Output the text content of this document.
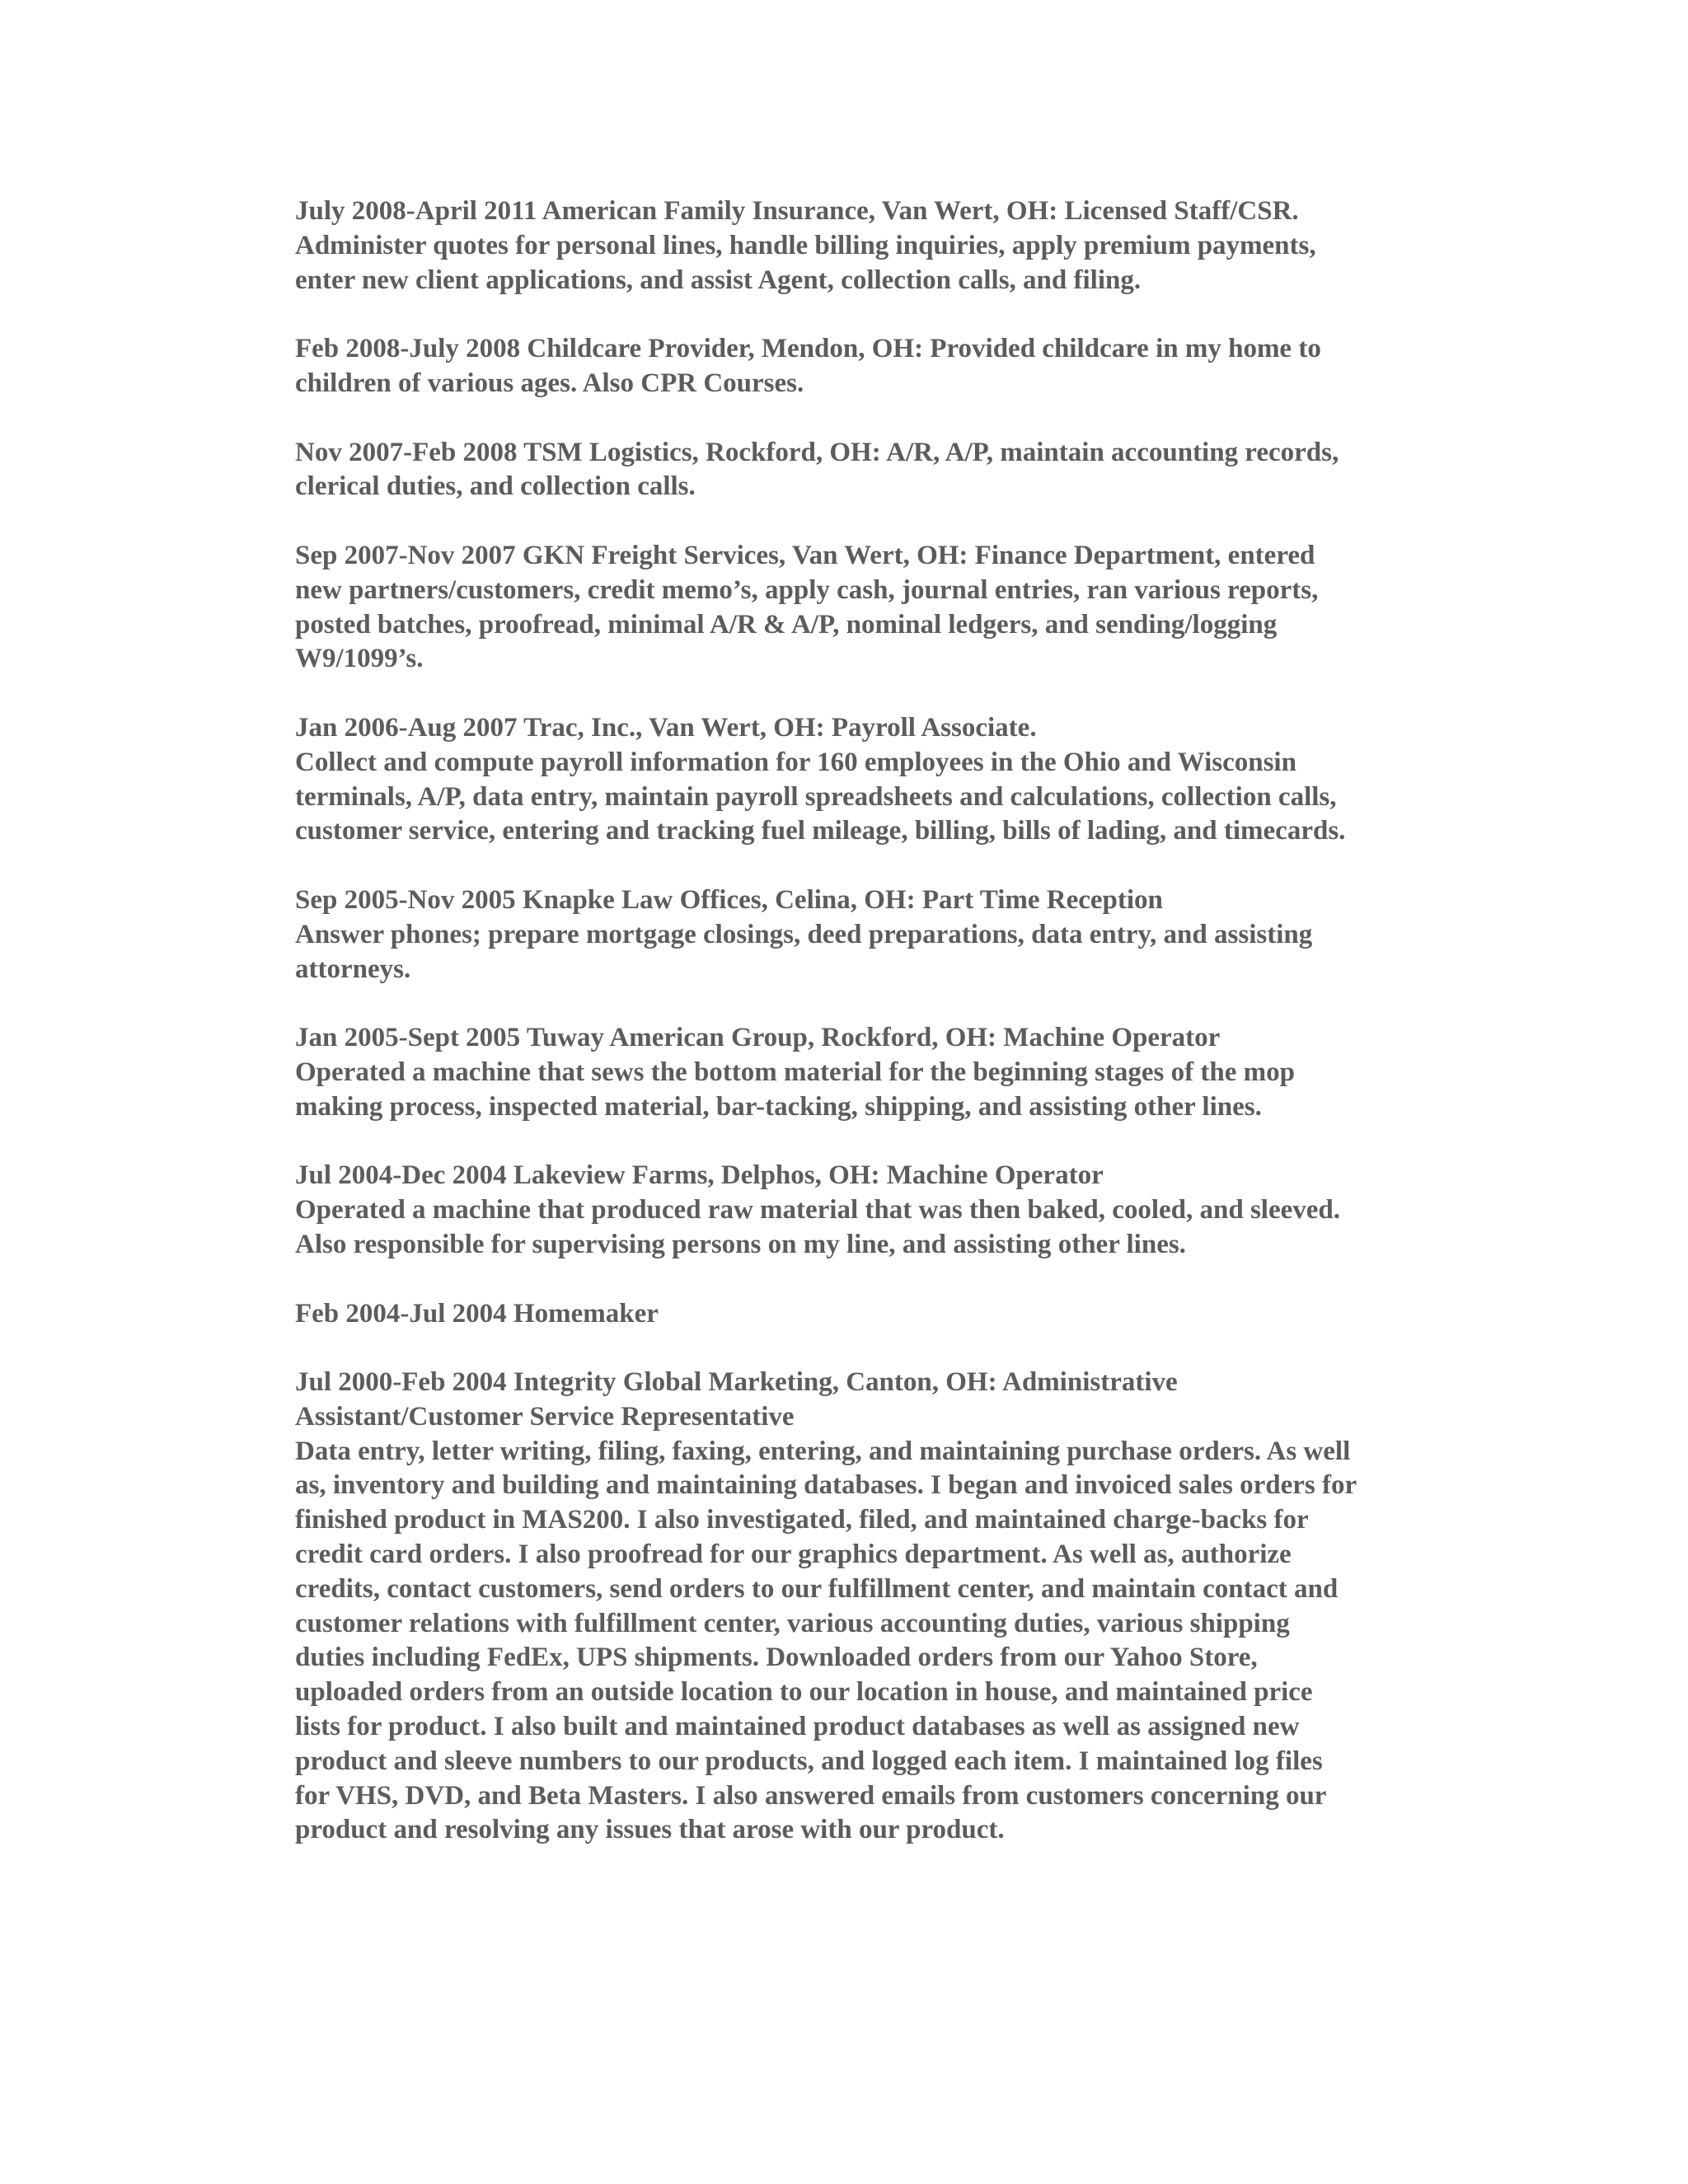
July 2008-April 2011 American Family Insurance, Van Wert, OH: Licensed Staff/CSR.
Administer quotes for personal lines, handle billing inquiries, apply premium payments,
enter new client applications, and assist Agent, collection calls, and filing.
Feb 2008-July 2008 Childcare Provider, Mendon, OH: Provided childcare in my home to
children of various ages. Also CPR Courses.
Nov 2007-Feb 2008 TSM Logistics, Rockford, OH: A/R, A/P, maintain accounting records,
clerical duties, and collection calls.
Sep 2007-Nov 2007 GKN Freight Services, Van Wert, OH: Finance Department, entered
new partners/customers, credit memo’s, apply cash, journal entries, ran various reports,
posted batches, proofread, minimal A/R & A/P, nominal ledgers, and sending/logging
W9/1099’s.
Jan 2006-Aug 2007 Trac, Inc., Van Wert, OH: Payroll Associate.
Collect and compute payroll information for 160 employees in the Ohio and Wisconsin
terminals, A/P, data entry, maintain payroll spreadsheets and calculations, collection calls,
customer service, entering and tracking fuel mileage, billing, bills of lading, and timecards.
Sep 2005-Nov 2005 Knapke Law Offices, Celina, OH: Part Time Reception
Answer phones; prepare mortgage closings, deed preparations, data entry, and assisting
attorneys.
Jan 2005-Sept 2005 Tuway American Group, Rockford, OH: Machine Operator
Operated a machine that sews the bottom material for the beginning stages of the mop
making process, inspected material, bar-tacking, shipping, and assisting other lines.
Jul 2004-Dec 2004 Lakeview Farms, Delphos, OH: Machine Operator
Operated a machine that produced raw material that was then baked, cooled, and sleeved.
Also responsible for supervising persons on my line, and assisting other lines.
Feb 2004-Jul 2004 Homemaker
Jul 2000-Feb 2004 Integrity Global Marketing, Canton, OH: Administrative
Assistant/Customer Service Representative
Data entry, letter writing, filing, faxing, entering, and maintaining purchase orders. As well
as, inventory and building and maintaining databases. I began and invoiced sales orders for
finished product in MAS200. I also investigated, filed, and maintained charge-backs for
credit card orders. I also proofread for our graphics department. As well as, authorize
credits, contact customers, send orders to our fulfillment center, and maintain contact and
customer relations with fulfillment center, various accounting duties, various shipping
duties including FedEx, UPS shipments. Downloaded orders from our Yahoo Store,
uploaded orders from an outside location to our location in house, and maintained price
lists for product. I also built and maintained product databases as well as assigned new
product and sleeve numbers to our products, and logged each item. I maintained log files
for VHS, DVD, and Beta Masters. I also answered emails from customers concerning our
product and resolving any issues that arose with our product.
